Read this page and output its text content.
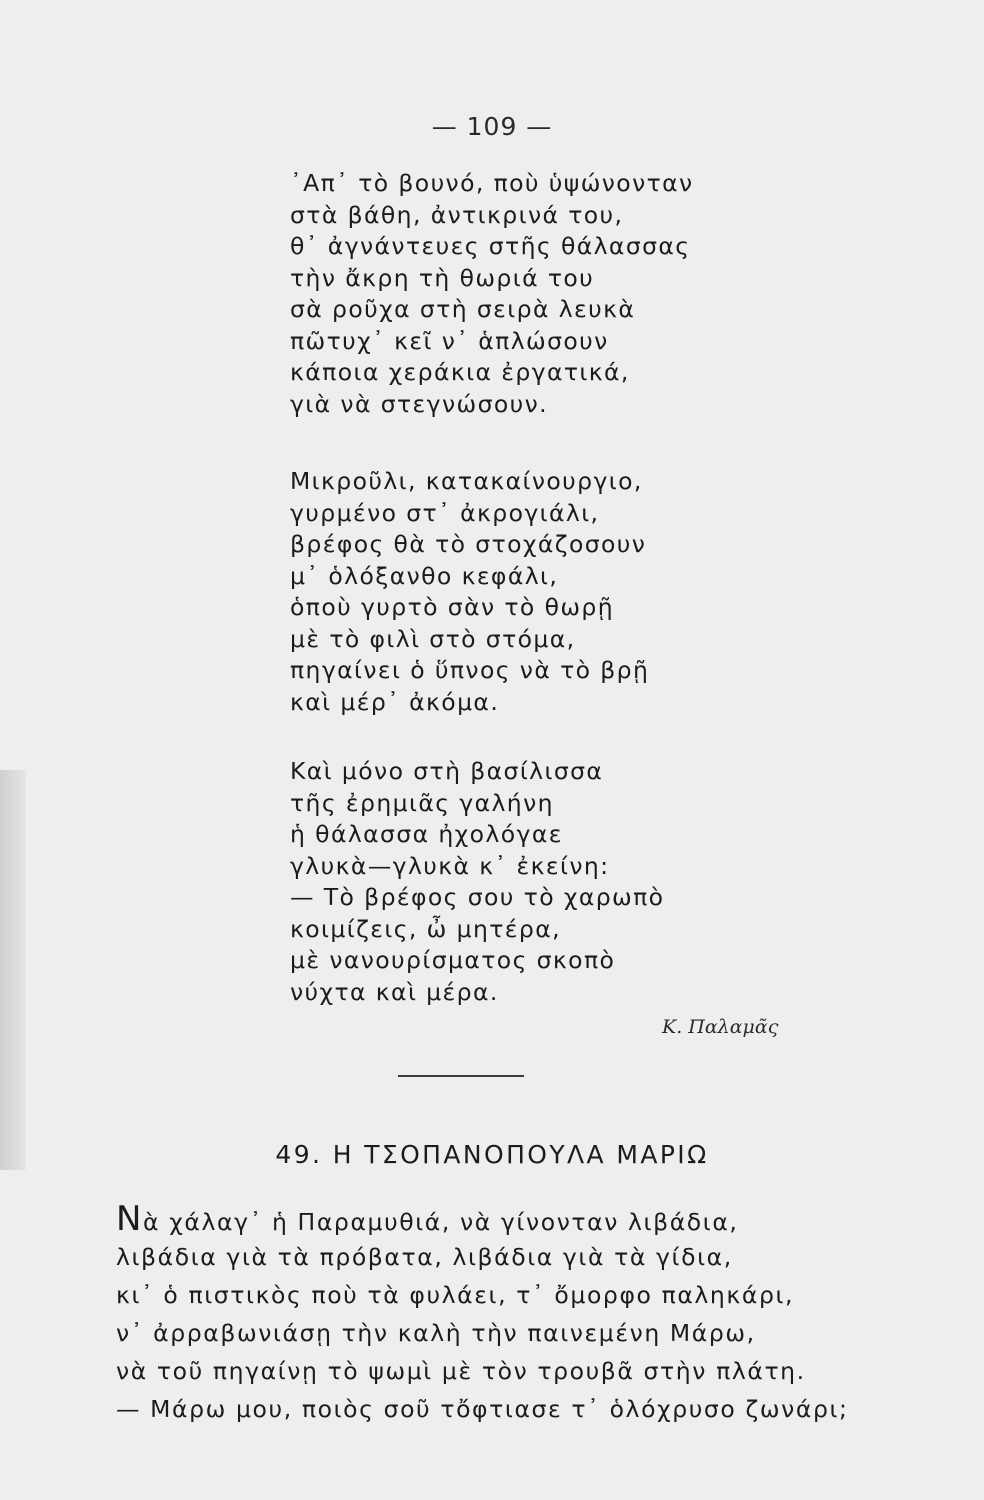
— 109 —
᾿Απ᾿ τὸ βουνό, ποὺ ὑψώνονταν
στὰ βάθη, ἀντικρινά του,
θ᾿ ἀγνάντευες στῆς θάλασσας
τὴν ἄκρη τὴ θωριά του
σὰ ροῦχα στὴ σειρὰ λευκὰ
πῶτυχ᾿ κεῖ ν᾿ ἁπλώσουν
κάποια χεράκια ἐργατικά,
γιὰ νὰ στεγνώσουν.
Μικροῦλι, κατακαίνουργιο,
γυρμένο στ᾿ ἀκρογιάλι,
βρέφος θὰ τὸ στοχάζοσουν
μ᾿ ὁλόξανθο κεφάλι,
ὁποὺ γυρτὸ σὰν τὸ θωρῇ
μὲ τὸ φιλὶ στὸ στόμα,
πηγαίνει ὁ ὕπνος νὰ τὸ βρῇ
καὶ μέρ᾿ ἀκόμα.
Καὶ μόνο στὴ βασίλισσα
τῆς ἐρημιᾶς γαλήνη
ἡ θάλασσα ἠχολόγαε
γλυκὰ—γλυκὰ κ᾿ ἐκείνη:
— Τὸ βρέφος σου τὸ χαρωπὸ
κοιμίζεις, ὦ μητέρα,
μὲ νανουρίσματος σκοπὸ
νύχτα καὶ μέρα.
Κ. Παλαμᾶς
49. Η ΤΣΟΠΑΝΟΠΟΥΛΑ ΜΑΡΙΩ
Νὰ χάλαγ᾿ ἡ Παραμυθιά, νὰ γίνονταν λιβάδια,
λιβάδια γιὰ τὰ πρόβατα, λιβάδια γιὰ τὰ γίδια,
κι᾿ ὁ πιστικὸς ποὺ τὰ φυλάει, τ᾿ ὄμορφο παληκάρι,
ν᾿ ἀρραβωνιάσῃ τὴν καλὴ τὴν παινεμένη Μάρω,
νὰ τοῦ πηγαίνῃ τὸ ψωμὶ μὲ τὸν τρουβᾶ στὴν πλάτη.
— Μάρω μου, ποιὸς σοῦ τὄφτιασε τ᾿ ὁλόχρυσο ζωνάρι;
